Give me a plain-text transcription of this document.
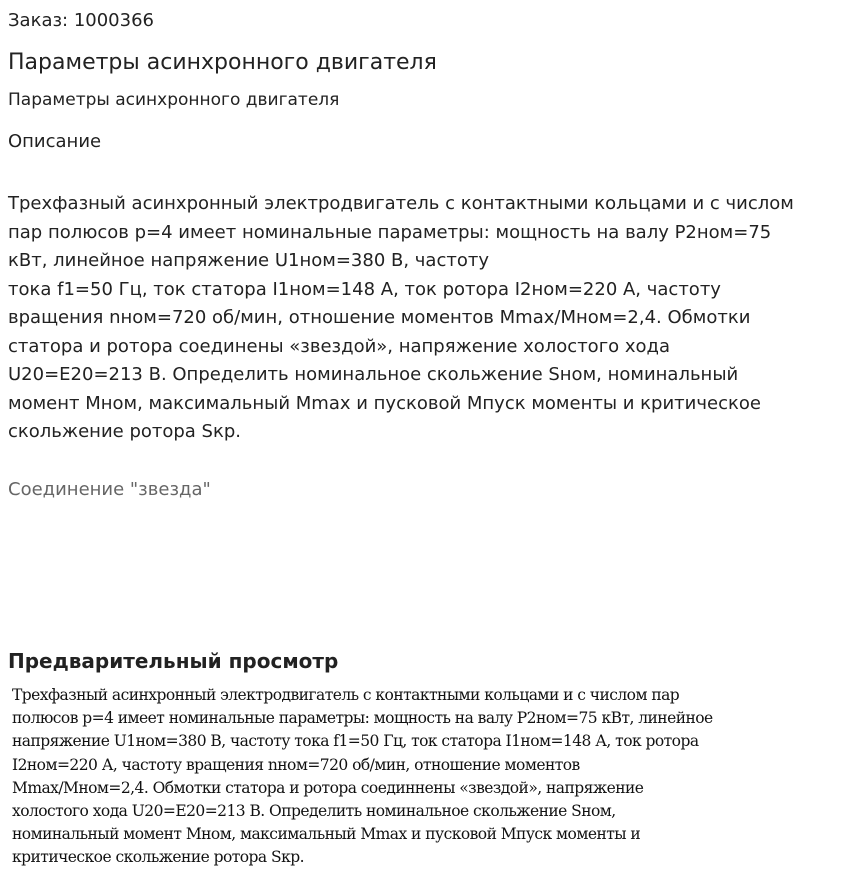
Заказ: 1000366
Параметры асинхронного двигателя
Параметры асинхронного двигателя
Описание
Трехфазный асинхронный электродвигатель с контактными кольцами и с числом
пар полюсов p=4 имеет номинальные параметры: мощность на валу P2ном=75
кВт, линейное напряжение U1ном=380 В, частоту
тока f1=50 Гц, ток статора I1ном=148 А, ток ротора I2ном=220 А, частоту
вращения nном=720 об/мин, отношение моментов Mmax/Mном=2,4. Обмотки
статора и ротора соединены «звездой», напряжение холостого хода
U20=E20=213 В. Определить номинальное скольжение Sном, номинальный
момент Mном, максимальный Mmax и пусковой Mпуск моменты и критическое
скольжение ротора Sкр.
Соединение "звезда"
Предварительный просмотр
Трехфазный асинхронный электродвигатель с контактными кольцами и с числом пар
полюсов p=4 имеет номинальные параметры: мощность на валу P2ном=75 кВт, линейное
напряжение U1ном=380 В, частоту тока f1=50 Гц, ток статора I1ном=148 А, ток ротора
I2ном=220 А, частоту вращения nном=720 об/мин, отношение моментов
Mmax/Mном=2,4. Обмотки статора и ротора соединнены «звездой», напряжение
холостого хода U20=E20=213 В. Определить номинальное скольжение Sном,
номинальный момент Mном, максимальный Mmax и пусковой Mпуск моменты и
критическое скольжение ротора Sкр.
